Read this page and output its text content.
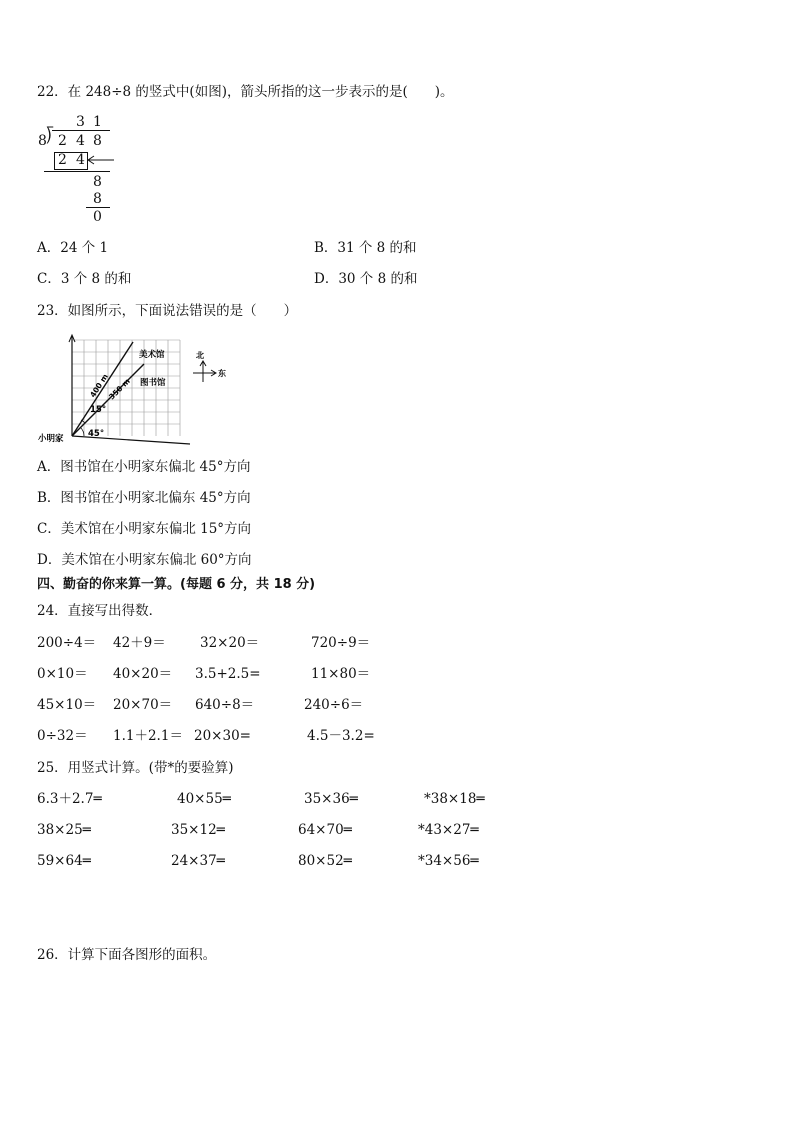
22．在 248÷8 的竖式中(如图)，箭头所指的这一步表示的是(　　)。
3 1
8 ⟌ 2 4 8
2 4
8
8
0
A．24 个 1	B．31 个 8 的和
C．3 个 8 的和	D．30 个 8 的和
23．如图所示，下面说法错误的是（　　）
美术馆
图书馆
400 m
350 m
15°
45°
小明家
北
东
A．图书馆在小明家东偏北 45°方向
B．图书馆在小明家北偏东 45°方向
C．美术馆在小明家东偏北 15°方向
D．美术馆在小明家东偏北 60°方向
四、勤奋的你来算一算。(每题 6 分，共 18 分)
24．直接写出得数．
200÷4＝ 42＋9＝	32×20＝	720÷9＝
0×10＝ 40×20＝ 3.5+2.5=	11×80＝
45×10＝ 20×70＝ 640÷8＝	240÷6＝
0÷32＝ 1.1＋2.1＝ 20×30=	4.5－3.2=
25．用竖式计算。(带*的要验算)
6.3＋2.7═	40×55═	35×36═	*38×18═
38×25═	35×12═	64×70═	*43×27═
59×64═	24×37═	80×52═	*34×56═
26．计算下面各图形的面积。
